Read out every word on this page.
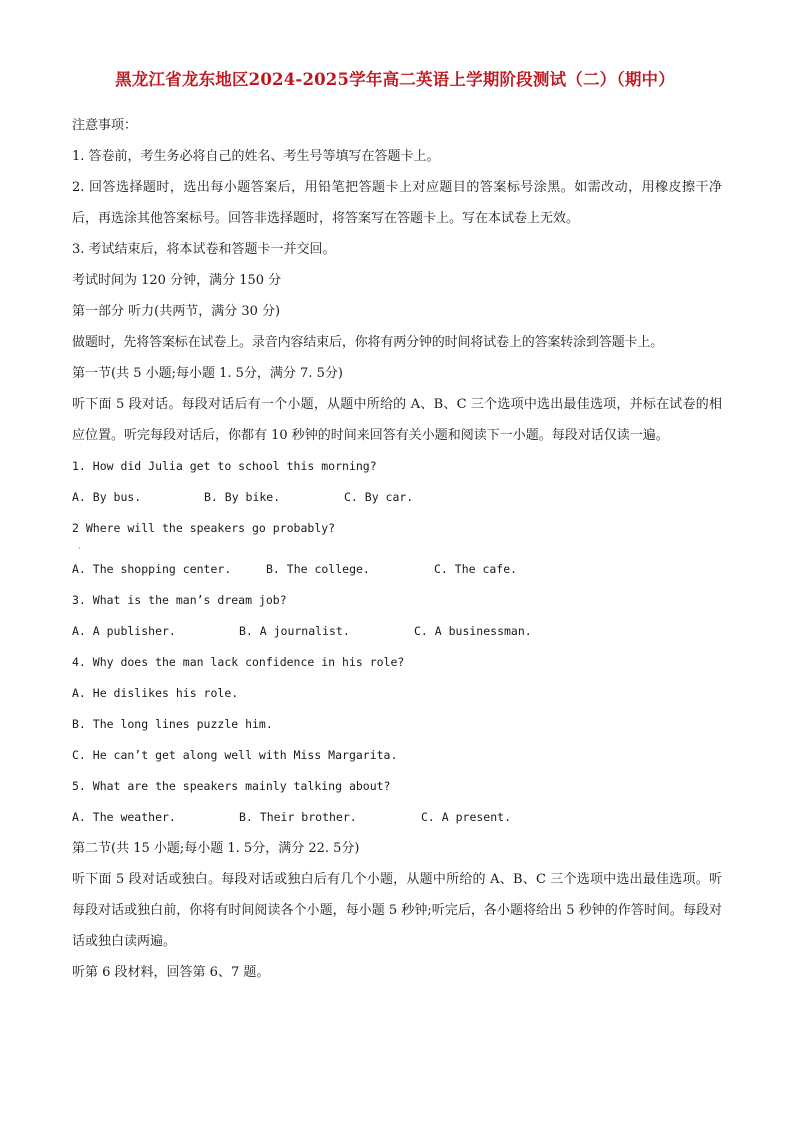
黑龙江省龙东地区2024-2025学年高二英语上学期阶段测试（二）（期中）

注意事项：

1. 答卷前，考生务必将自己的姓名、考生号等填写在答题卡上。

2. 回答选择题时，选出每小题答案后，用铅笔把答题卡上对应题目的答案标号涂黑。如需改动，用橡皮擦干净后，再选涂其他答案标号。回答非选择题时，将答案写在答题卡上。写在本试卷上无效。

3. 考试结束后，将本试卷和答题卡一并交回。

考试时间为 120 分钟，满分 150 分

第一部分 听力(共两节，满分 30 分)

做题时，先将答案标在试卷上。录音内容结束后，你将有两分钟的时间将试卷上的答案转涂到答题卡上。

第一节(共 5 小题;每小题 1. 5分，满分 7. 5分)

听下面 5 段对话。每段对话后有一个小题，从题中所给的 A、B、C 三个选项中选出最佳选项，并标在试卷的相应位置。听完每段对话后，你都有 10 秒钟的时间来回答有关小题和阅读下一小题。每段对话仅读一遍。

1. How did Julia get to school this morning?

A. By bus.	B. By bike.	C. By car.

2 Where will the speakers go probably?

·
A. The shopping center.	B. The college.	C. The cafe.

3. What is the man’s dream job?

A. A publisher.	B. A journalist.	C. A businessman.

4. Why does the man lack confidence in his role?

A. He dislikes his role.

B. The long lines puzzle him.

C. He can’t get along well with Miss Margarita.

5. What are the speakers mainly talking about?

A. The weather.	B. Their brother.	C. A present.

第二节(共 15 小题;每小题 1. 5分，满分 22. 5分)

听下面 5 段对话或独白。每段对话或独白后有几个小题，从题中所给的 A、B、C 三个选项中选出最佳选项。听每段对话或独白前，你将有时间阅读各个小题，每小题 5 秒钟;听完后，各小题将给出 5 秒钟的作答时间。每段对话或独白读两遍。

听第 6 段材料，回答第 6、7 题。
